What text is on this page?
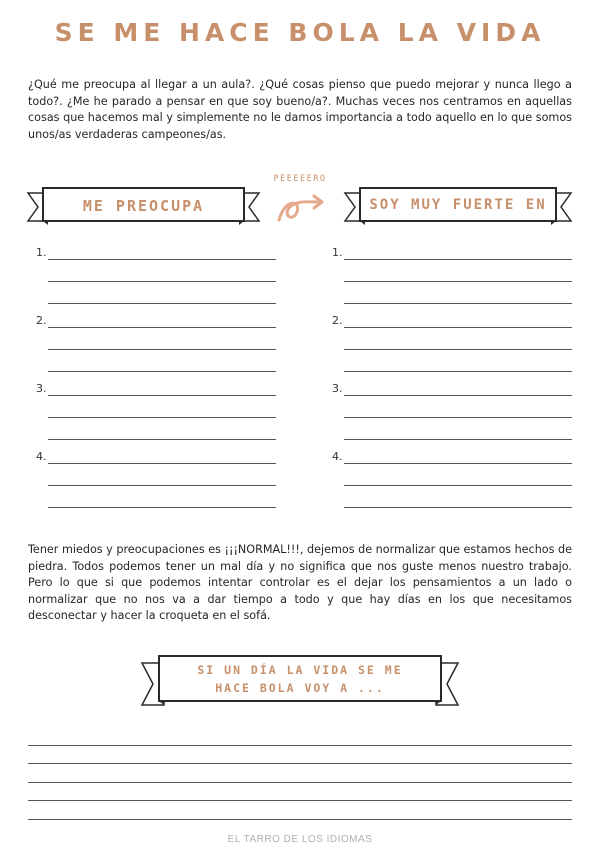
SE ME HACE BOLA LA VIDA
¿Qué me preocupa al llegar a un aula?. ¿Qué cosas pienso que puedo mejorar y nunca llego a todo?. ¿Me he parado a pensar en que soy bueno/a?. Muchas veces nos centramos en aquellas cosas que hacemos mal y simplemente no le damos importancia a todo aquello en lo que somos unos/as verdaderas campeones/as.
ME PREOCUPA
PEEEEERO
SOY MUY FUERTE EN
1.
2.
3.
4.
1.
2.
3.
4.
Tener miedos y preocupaciones es ¡¡¡NORMAL!!!, dejemos de normalizar que estamos hechos de piedra. Todos podemos tener un mal día y no significa que nos guste menos nuestro trabajo. Pero lo que si que podemos intentar controlar es el dejar los pensamientos a un lado o normalizar que no nos va a dar tiempo a todo y que hay días en los que necesitamos desconectar y hacer la croqueta en el sofá.
SI UN DÍA LA VIDA SE ME
HACE BOLA VOY A ...
EL TARRO DE LOS IDIOMAS
